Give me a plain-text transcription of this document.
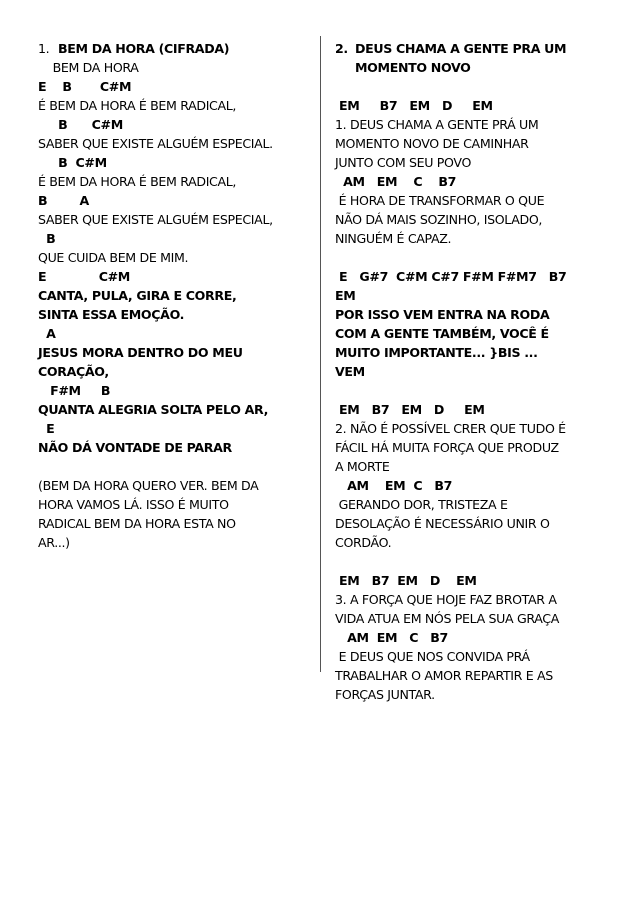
1. BEM DA HORA (CIFRADA)
BEM DA HORA
E    B       C#M
É BEM DA HORA É BEM RADICAL,
B      C#M
SABER QUE EXISTE ALGUÉM ESPECIAL.
B  C#M
É BEM DA HORA É BEM RADICAL,
B        A
SABER QUE EXISTE ALGUÉM ESPECIAL,
B
QUE CUIDA BEM DE MIM.
E             C#M
CANTA, PULA, GIRA E CORRE,
SINTA ESSA EMOÇÃO.
A
JESUS MORA DENTRO DO MEU
CORAÇÃO,
F#M     B
QUANTA ALEGRIA SOLTA PELO AR,
E
NÃO DÁ VONTADE DE PARAR
(BEM DA HORA QUERO VER. BEM DA
HORA VAMOS LÁ. ISSO É MUITO
RADICAL BEM DA HORA ESTA NO
AR...)
2. DEUS CHAMA A GENTE PRA UM
MOMENTO NOVO
EM     B7   EM   D     EM
1. DEUS CHAMA A GENTE PRÁ UM
MOMENTO NOVO DE CAMINHAR
JUNTO COM SEU POVO
AM   EM    C    B7
É HORA DE TRANSFORMAR O QUE
NÃO DÁ MAIS SOZINHO, ISOLADO,
NINGUÉM É CAPAZ.
E   G#7  C#M C#7 F#M F#M7   B7
EM
POR ISSO VEM ENTRA NA RODA
COM A GENTE TAMBÉM, VOCÊ É
MUITO IMPORTANTE... }BIS ...
VEM
EM   B7   EM   D     EM
2. NÃO É POSSÍVEL CRER QUE TUDO É
FÁCIL HÁ MUITA FORÇA QUE PRODUZ
A MORTE
AM    EM  C   B7
GERANDO DOR, TRISTEZA E
DESOLAÇÃO É NECESSÁRIO UNIR O
CORDÃO.
EM   B7  EM   D    EM
3. A FORÇA QUE HOJE FAZ BROTAR A
VIDA ATUA EM NÓS PELA SUA GRAÇA
AM  EM   C   B7
E DEUS QUE NOS CONVIDA PRÁ
TRABALHAR O AMOR REPARTIR E AS
FORÇAS JUNTAR.
